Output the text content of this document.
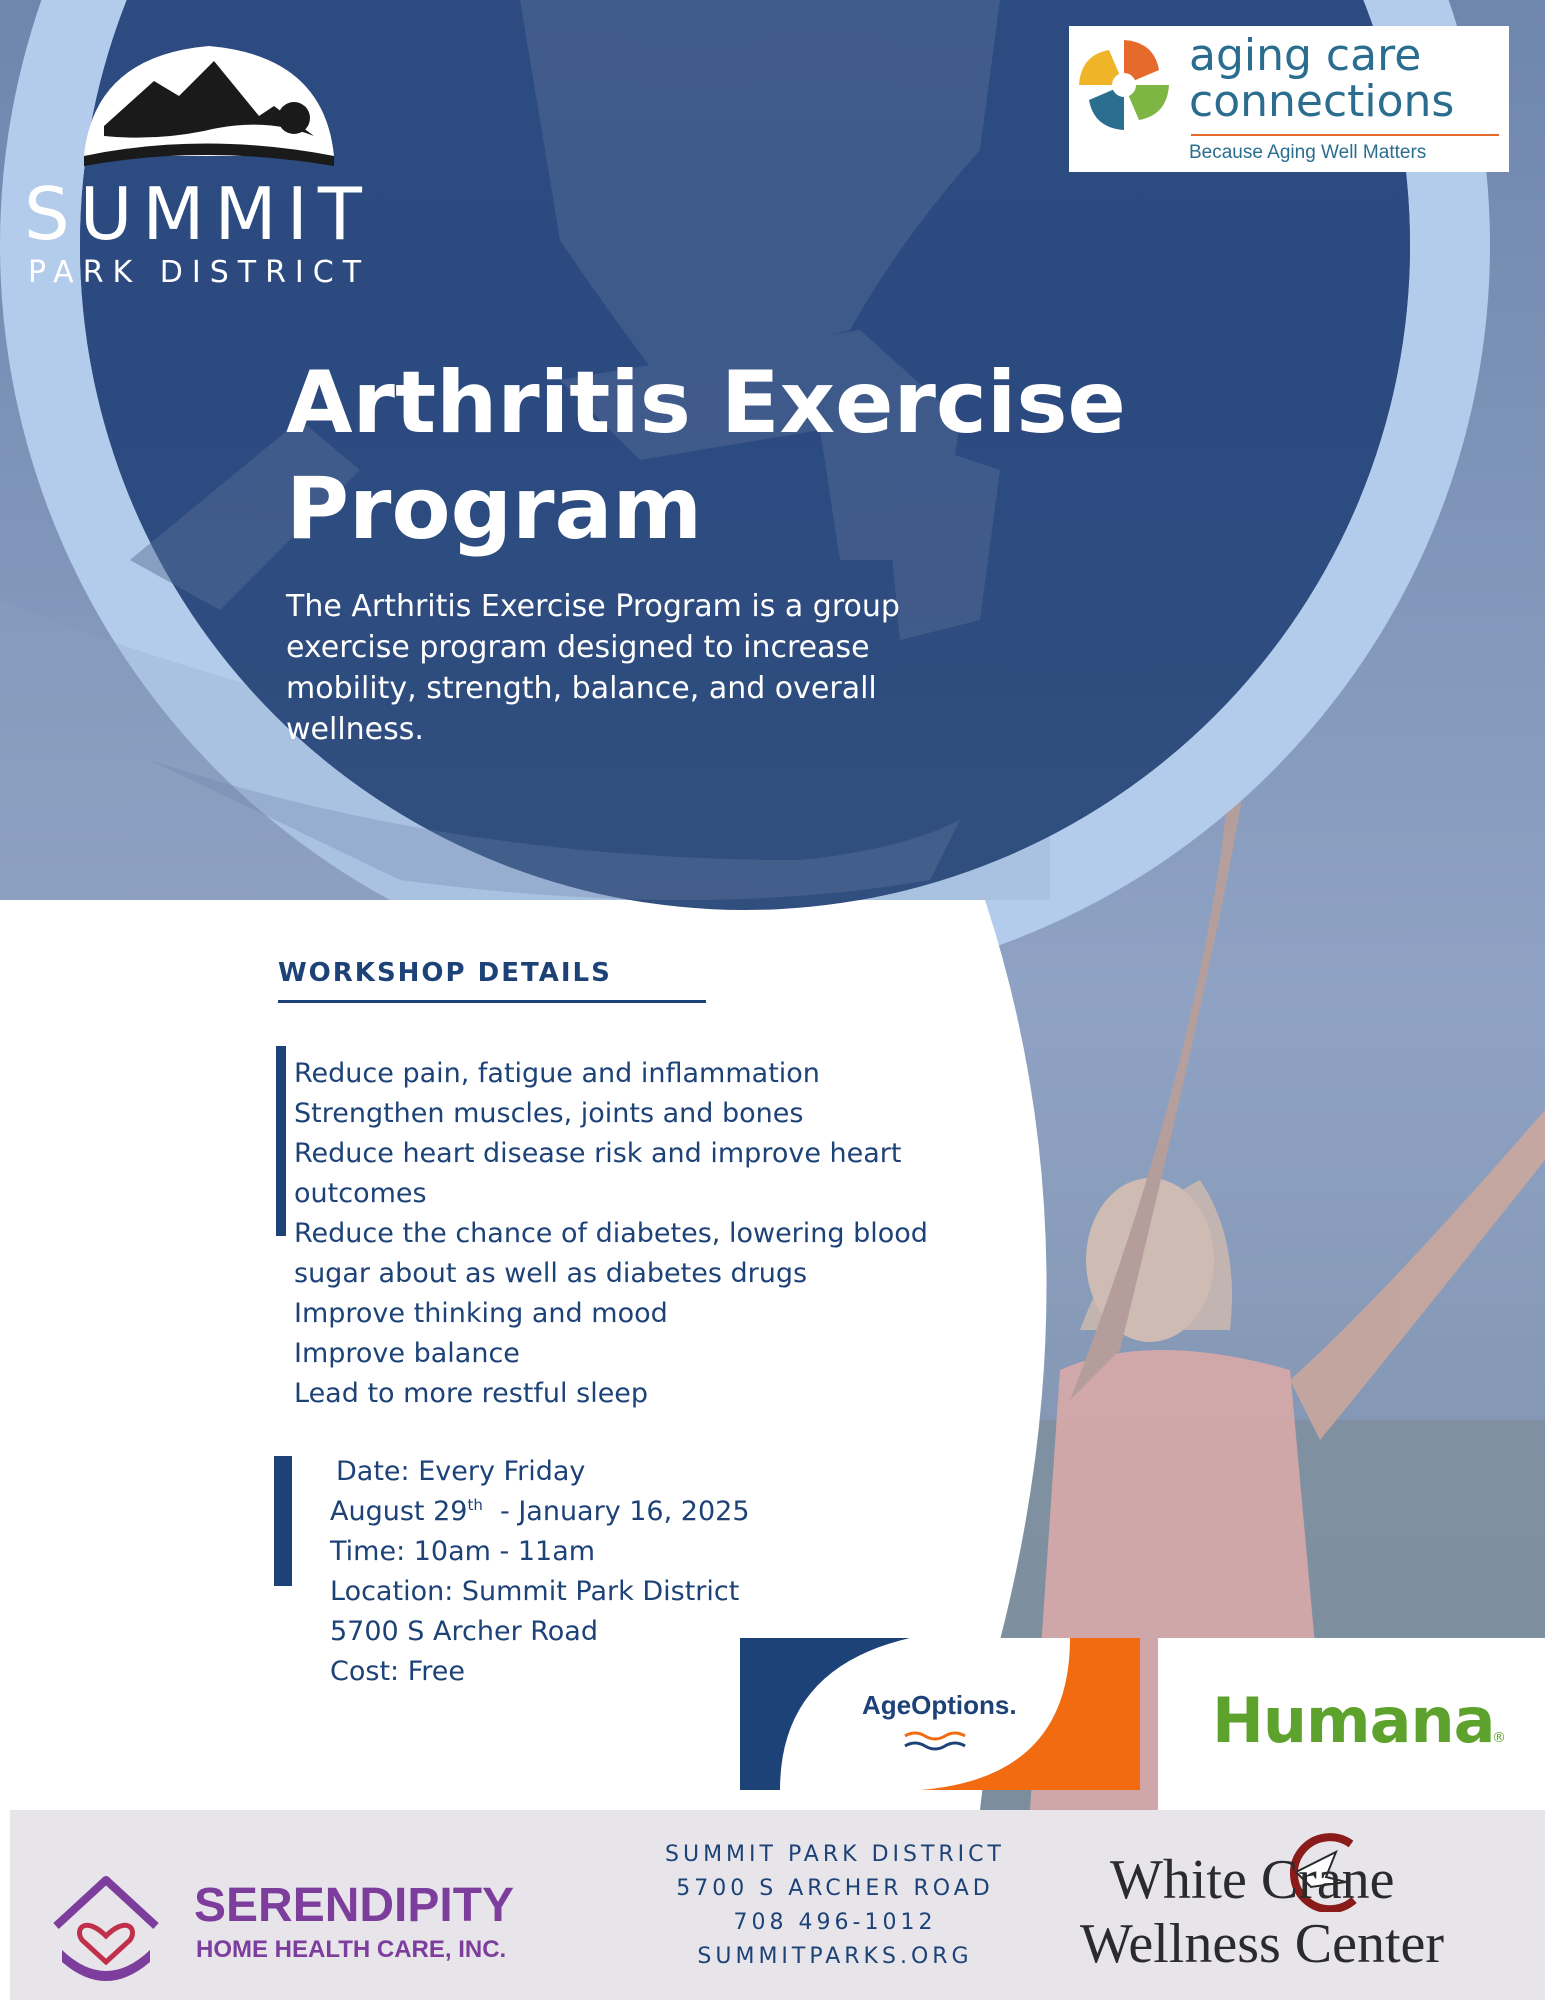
SUMMIT
PARK DISTRICT
aging care
connections
Because Aging Well Matters
Arthritis Exercise
Program
The Arthritis Exercise Program is a group exercise program designed to increase mobility, strength, balance, and overall wellness.
WORKSHOP DETAILS
Reduce pain, fatigue and inflammation
Strengthen muscles, joints and bones
Reduce heart disease risk and improve heart outcomes
Reduce the chance of diabetes, lowering blood sugar about as well as diabetes drugs
Improve thinking and mood
Improve balance
Lead to more restful sleep
Date: Every Friday
August 29th  - January 16, 2025
Time: 10am - 11am
Location: Summit Park District
5700 S Archer Road
Cost: Free
AgeOptions.	Humana
®
SERENDIPITY
HOME HEALTH CARE, INC.
SUMMIT PARK DISTRICT
5700 S ARCHER ROAD
708 496-1012
SUMMITPARKS.ORG
White Crane
Wellness Center
